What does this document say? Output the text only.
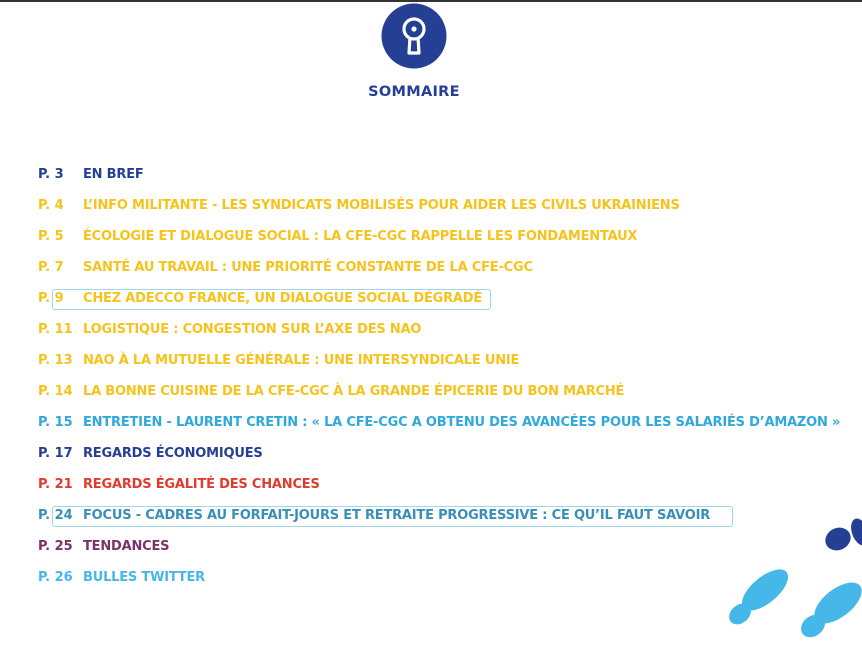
SOMMAIRE
P. 3 EN BREF
P. 4 L’INFO MILITANTE - LES SYNDICATS MOBILISÉS POUR AIDER LES CIVILS UKRAINIENS
P. 5 ÉCOLOGIE ET DIALOGUE SOCIAL : LA CFE-CGC RAPPELLE LES FONDAMENTAUX
P. 7 SANTÉ AU TRAVAIL : UNE PRIORITÉ CONSTANTE DE LA CFE-CGC
P. 9 CHEZ ADECCO FRANCE, UN DIALOGUE SOCIAL DÉGRADÉ
P. 11 LOGISTIQUE : CONGESTION SUR L’AXE DES NAO
P. 13 NAO À LA MUTUELLE GÉNÉRALE : UNE INTERSYNDICALE UNIE
P. 14 LA BONNE CUISINE DE LA CFE-CGC À LA GRANDE ÉPICERIE DU BON MARCHÉ
P. 15 ENTRETIEN - LAURENT CRETIN : « LA CFE-CGC A OBTENU DES AVANCÉES POUR LES SALARIÉS D’AMAZON »
P. 17 REGARDS ÉCONOMIQUES
P. 21 REGARDS ÉGALITÉ DES CHANCES
P. 24 FOCUS - CADRES AU FORFAIT-JOURS ET RETRAITE PROGRESSIVE : CE QU’IL FAUT SAVOIR
P. 25 TENDANCES
P. 26 BULLES TWITTER
